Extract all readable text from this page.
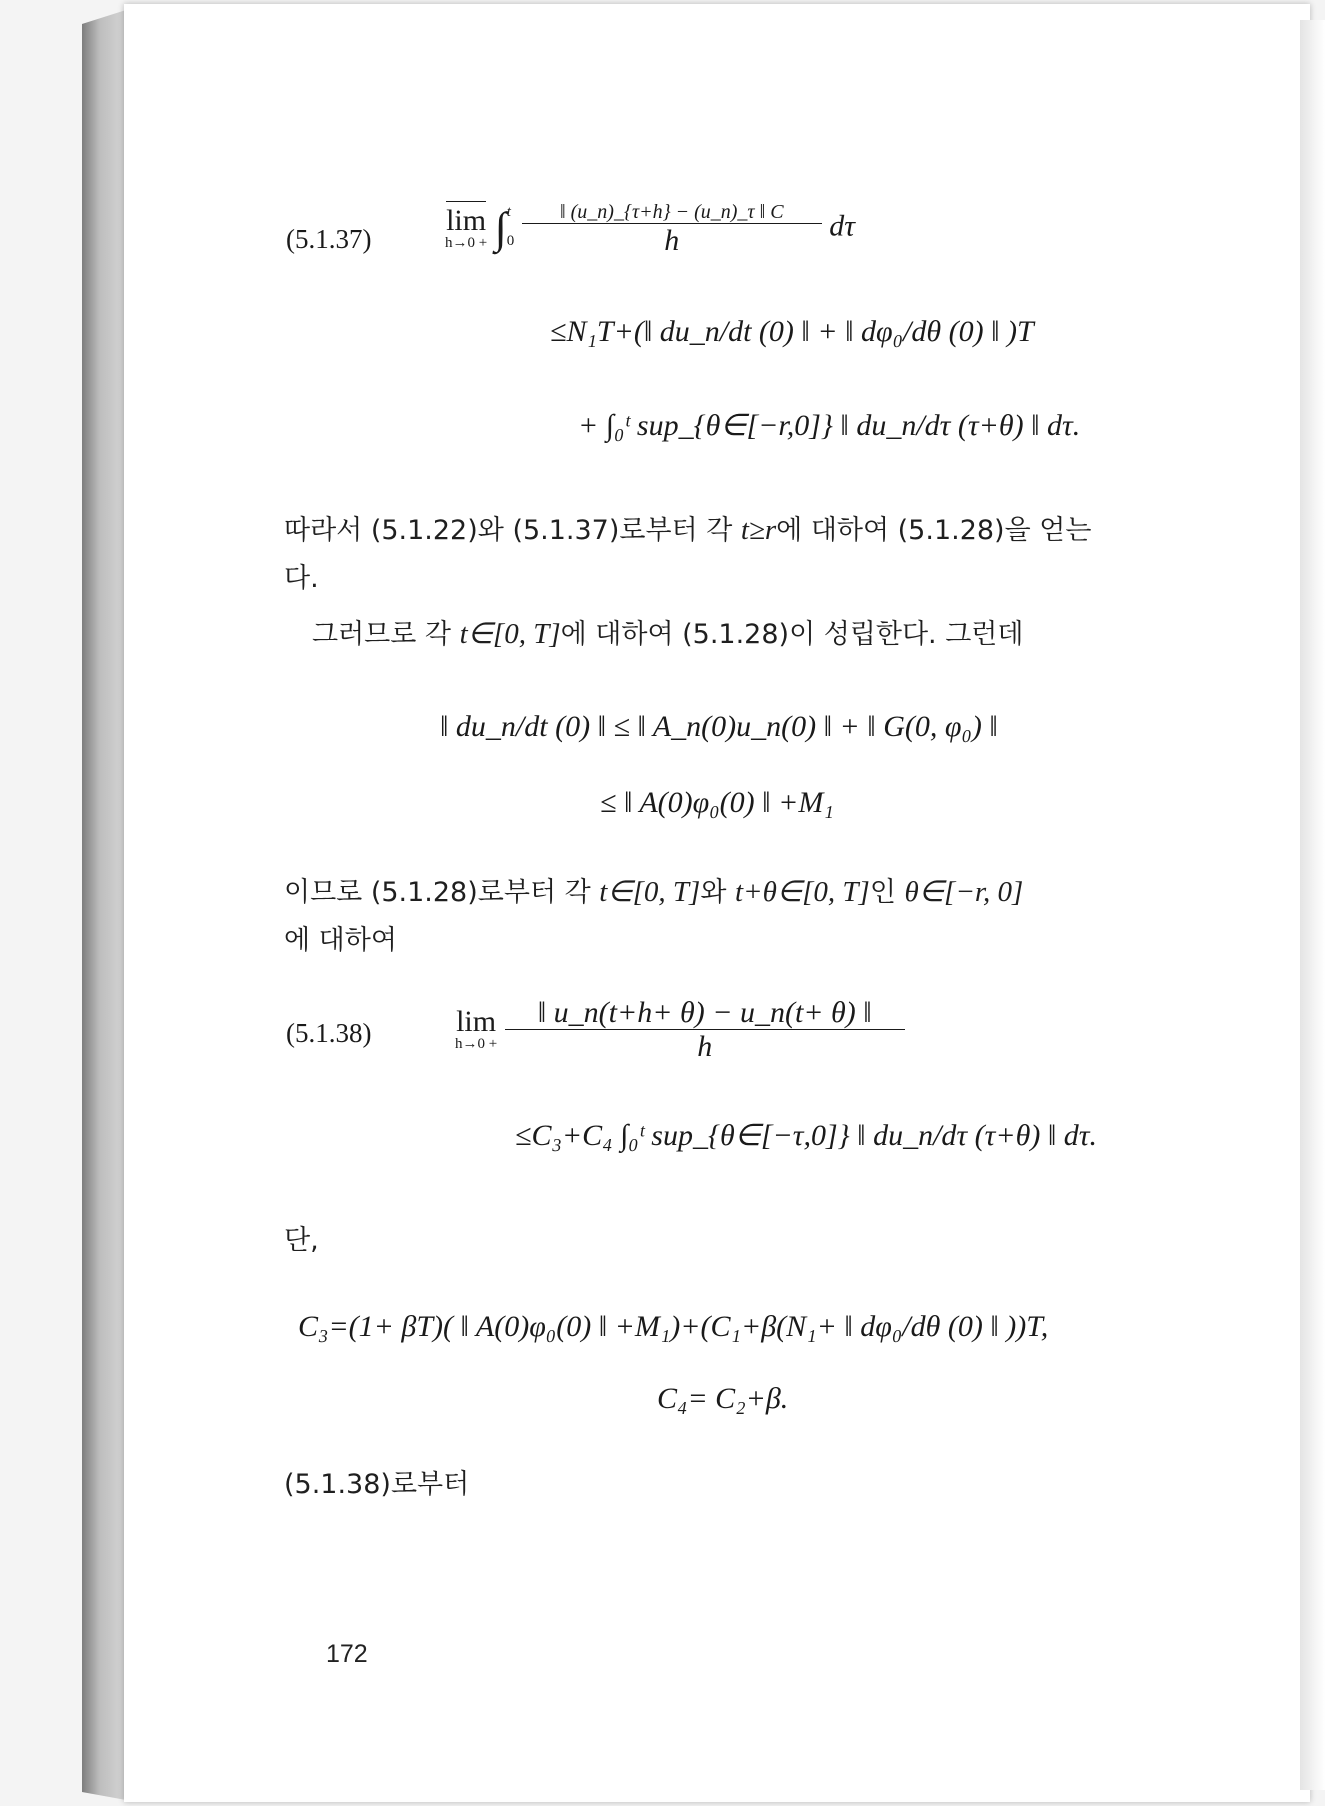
(5.1.37)
lim
h→0 + ∫ t
0
$\frac{‖ (u\_n)\_\{\tau+h\} - (u\_n)\_\tau ‖ C}{h}$ dτ
≤N₁T+(‖ du_n/dt (0) ‖ + ‖ dφ₀/dθ (0) ‖ )T
+ ∫₀ᵗ sup_{θ∈[−r,0]} ‖ du_n/dτ (τ+θ) ‖ dτ.
따라서 (5.1.22)와 (5.1.37)로부터 각 t≥r에 대하여 (5.1.28)을 얻는
다.
그러므로 각 t∈[0, T]에 대하여 (5.1.28)이 성립한다. 그런데
‖ du_n/dt (0) ‖ ≤ ‖ A_n(0)u_n(0) ‖ + ‖ G(0, φ₀) ‖
≤ ‖ A(0)φ₀(0) ‖ +M₁
이므로 (5.1.28)로부터 각 t∈[0, T]와 t+θ∈[0, T]인 θ∈[−r, 0]
에 대하여
(5.1.38)	lim
h→0 +
$\frac{‖ u\_n(t+h+ \theta) - u\_n(t+ \theta) ‖}{h}$
≤C₃+C₄ ∫₀ᵗ sup_{θ∈[−τ,0]} ‖ du_n/dτ (τ+θ) ‖ dτ.
단,
C₃=(1+ βT)( ‖ A(0)φ₀(0) ‖ +M₁)+(C₁+β(N₁+ ‖ dφ₀/dθ (0) ‖ ))T,
C₄= C₂+β.
(5.1.38)로부터
172
